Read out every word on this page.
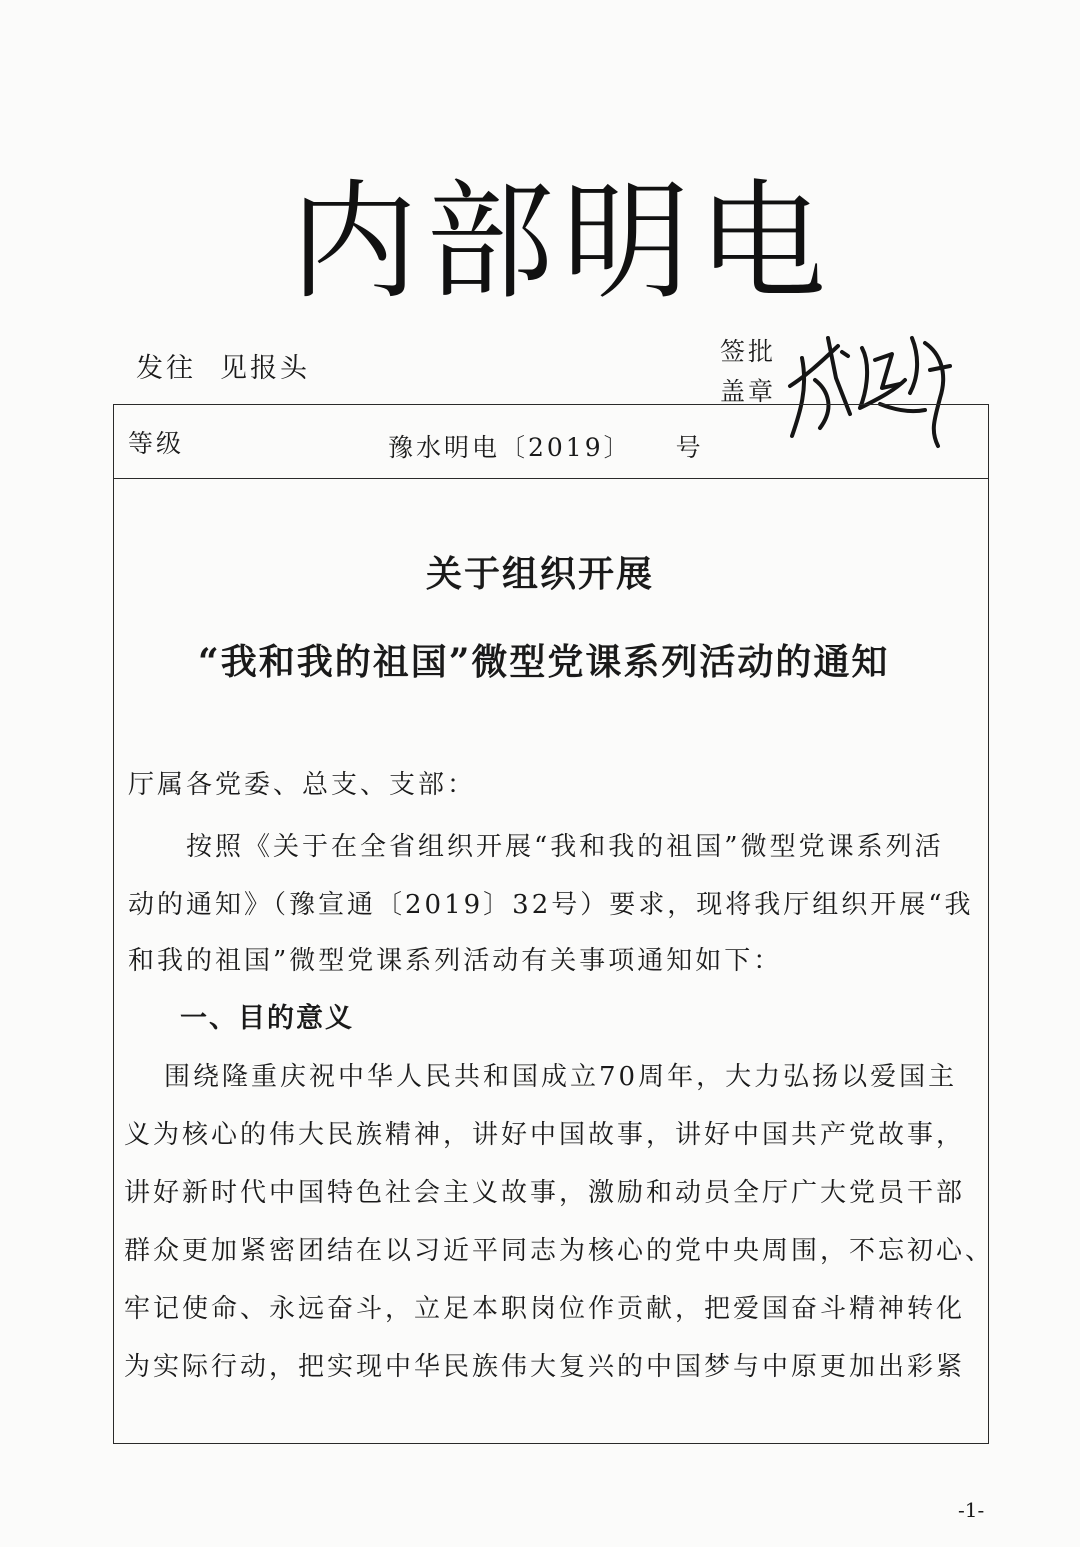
内部明电
发往 见报头
签批
盖章
等级	豫水明电〔2019〕 号
关于组织开展
“我和我的祖国”微型党课系列活动的通知
厅属各党委、总支、支部：
按照《关于在全省组织开展“我和我的祖国”微型党课系列活
动的通知》（豫宣通〔2019〕32号）要求，现将我厅组织开展“我
和我的祖国”微型党课系列活动有关事项通知如下：
一、目的意义
围绕隆重庆祝中华人民共和国成立70周年，大力弘扬以爱国主
义为核心的伟大民族精神，讲好中国故事，讲好中国共产党故事，
讲好新时代中国特色社会主义故事，激励和动员全厅广大党员干部
群众更加紧密团结在以习近平同志为核心的党中央周围，不忘初心、
牢记使命、永远奋斗，立足本职岗位作贡献，把爱国奋斗精神转化
为实际行动，把实现中华民族伟大复兴的中国梦与中原更加出彩紧
-1-
